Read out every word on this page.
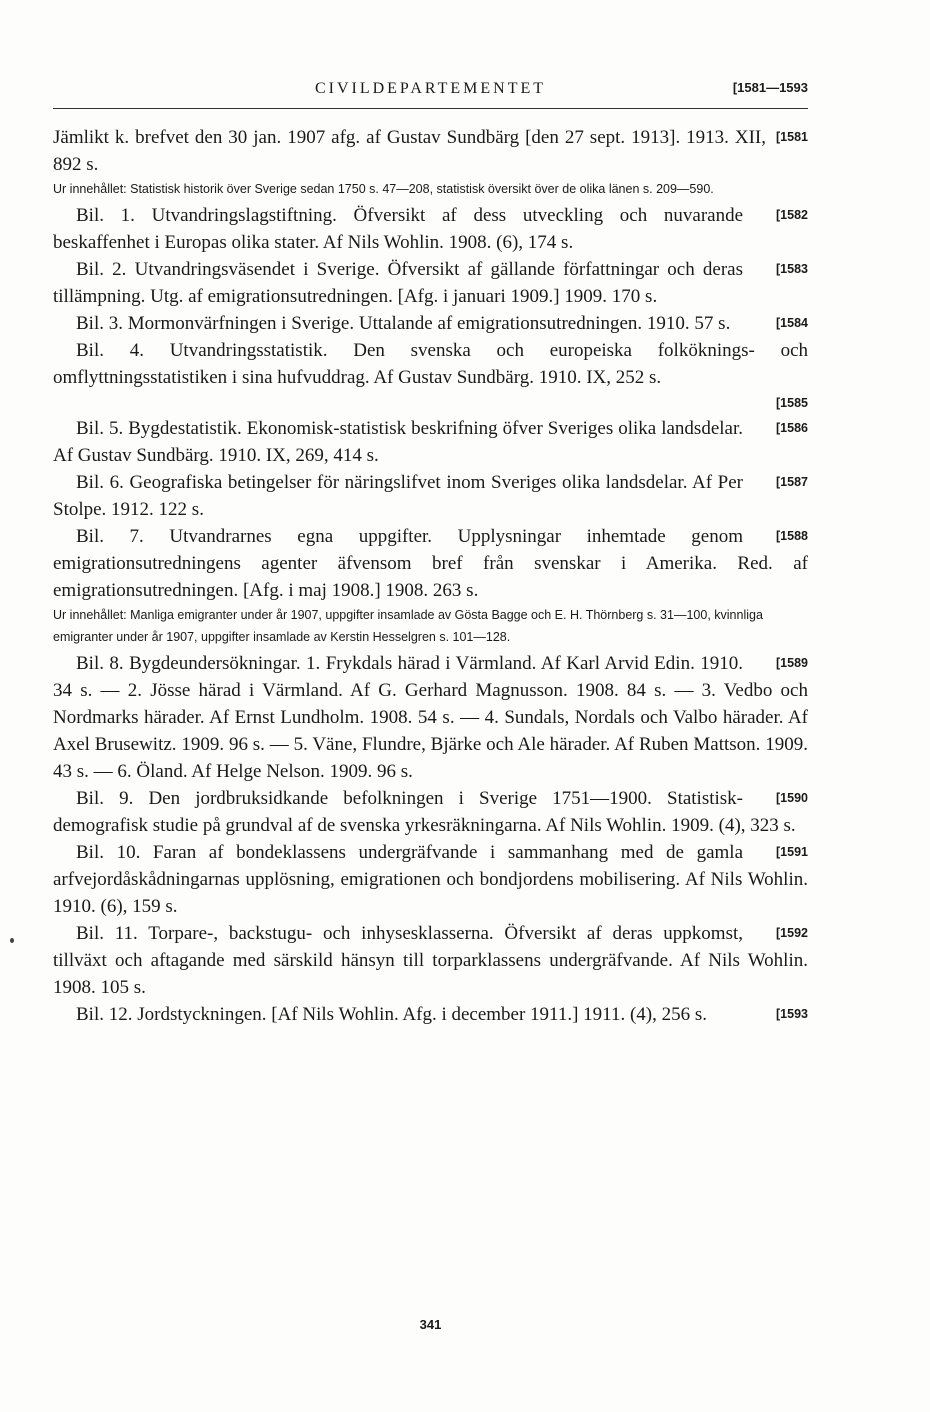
CIVILDEPARTEMENTET	[1581—1593
[1581
Jämlikt k. brefvet den 30 jan. 1907 afg. af Gustav Sundbärg [den 27 sept. 1913]. 1913. XII, 892 s.
Ur innehållet: Statistisk historik över Sverige sedan 1750 s. 47—208, statistisk översikt över de olika länen s. 209—590.
[1582
Bil. 1. Utvandringslagstiftning. Öfversikt af dess utveckling och nuvarande beskaffenhet i Europas olika stater. Af Nils Wohlin. 1908. (6), 174 s.
[1583
Bil. 2. Utvandringsväsendet i Sverige. Öfversikt af gällande författningar och deras tillämpning. Utg. af emigrationsutredningen. [Afg. i januari 1909.] 1909. 170 s.
[1584
Bil. 3. Mormonvärfningen i Sverige. Uttalande af emigrationsutredningen. 1910. 57 s.
Bil. 4. Utvandringsstatistik. Den svenska och europeiska folköknings- och omflyttningsstatistiken i sina hufvuddrag. Af Gustav Sundbärg. 1910. IX, 252 s.
[1585
[1586
Bil. 5. Bygdestatistik. Ekonomisk-statistisk beskrifning öfver Sveriges olika landsdelar. Af Gustav Sundbärg. 1910. IX, 269, 414 s.
[1587
Bil. 6. Geografiska betingelser för näringslifvet inom Sveriges olika landsdelar. Af Per Stolpe. 1912. 122 s.
[1588
Bil. 7. Utvandrarnes egna uppgifter. Upplysningar inhemtade genom emigrationsutredningens agenter äfvensom bref från svenskar i Amerika. Red. af emigrationsutredningen. [Afg. i maj 1908.] 1908. 263 s.
Ur innehållet: Manliga emigranter under år 1907, uppgifter insamlade av Gösta Bagge och E. H. Thörnberg s. 31—100, kvinnliga emigranter under år 1907, uppgifter insamlade av Kerstin Hesselgren s. 101—128.
[1589
Bil. 8. Bygdeundersökningar. 1. Frykdals härad i Värmland. Af Karl Arvid Edin. 1910. 34 s. — 2. Jösse härad i Värmland. Af G. Gerhard Magnusson. 1908. 84 s. — 3. Vedbo och Nordmarks härader. Af Ernst Lundholm. 1908. 54 s. — 4. Sundals, Nordals och Valbo härader. Af Axel Brusewitz. 1909. 96 s. — 5. Väne, Flundre, Bjärke och Ale härader. Af Ruben Mattson. 1909. 43 s. — 6. Öland. Af Helge Nelson. 1909. 96 s.
[1590
Bil. 9. Den jordbruksidkande befolkningen i Sverige 1751—1900. Statistisk-demografisk studie på grundval af de svenska yrkesräkningarna. Af Nils Wohlin. 1909. (4), 323 s.
[1591
Bil. 10. Faran af bondeklassens undergräfvande i sammanhang med de gamla arfvejordåskådningarnas upplösning, emigrationen och bondjordens mobilisering. Af Nils Wohlin. 1910. (6), 159 s.
[1592
Bil. 11. Torpare-, backstugu- och inhysesklasserna. Öfversikt af deras uppkomst, tillväxt och aftagande med särskild hänsyn till torparklassens undergräfvande. Af Nils Wohlin. 1908. 105 s.
[1593
Bil. 12. Jordstyckningen. [Af Nils Wohlin. Afg. i december 1911.] 1911. (4), 256 s.
341
